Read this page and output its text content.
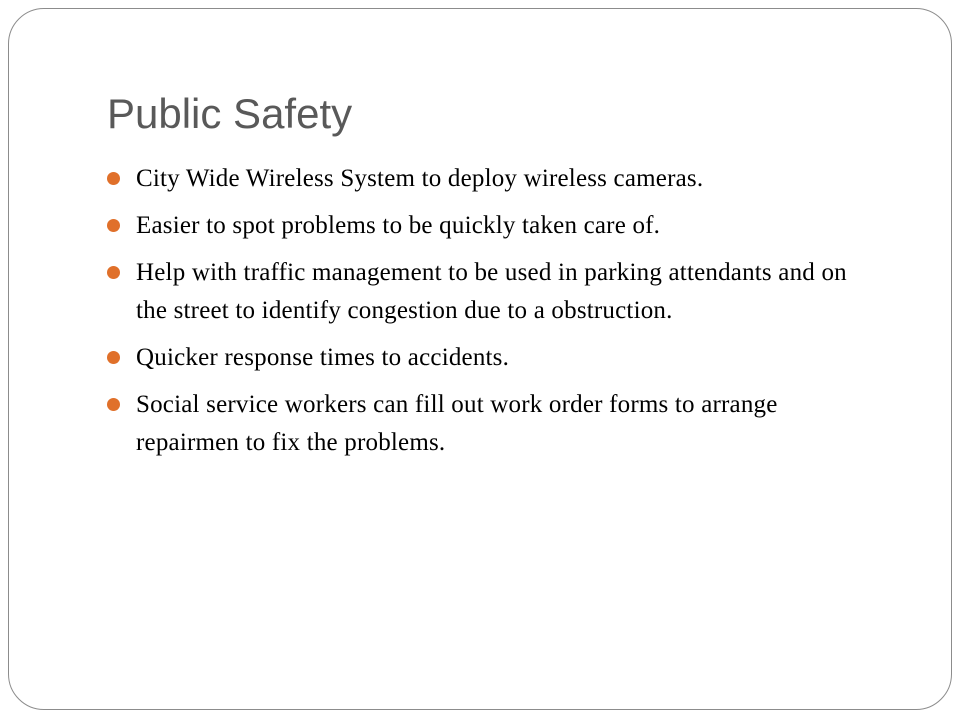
Public Safety
City Wide Wireless System to deploy wireless cameras.
Easier to spot problems to be quickly taken care of.
Help with traffic management to be used in parking attendants and on the street to identify congestion due to a obstruction.
Quicker response times to accidents.
Social service workers can fill out work order forms to arrange repairmen to fix the problems.
